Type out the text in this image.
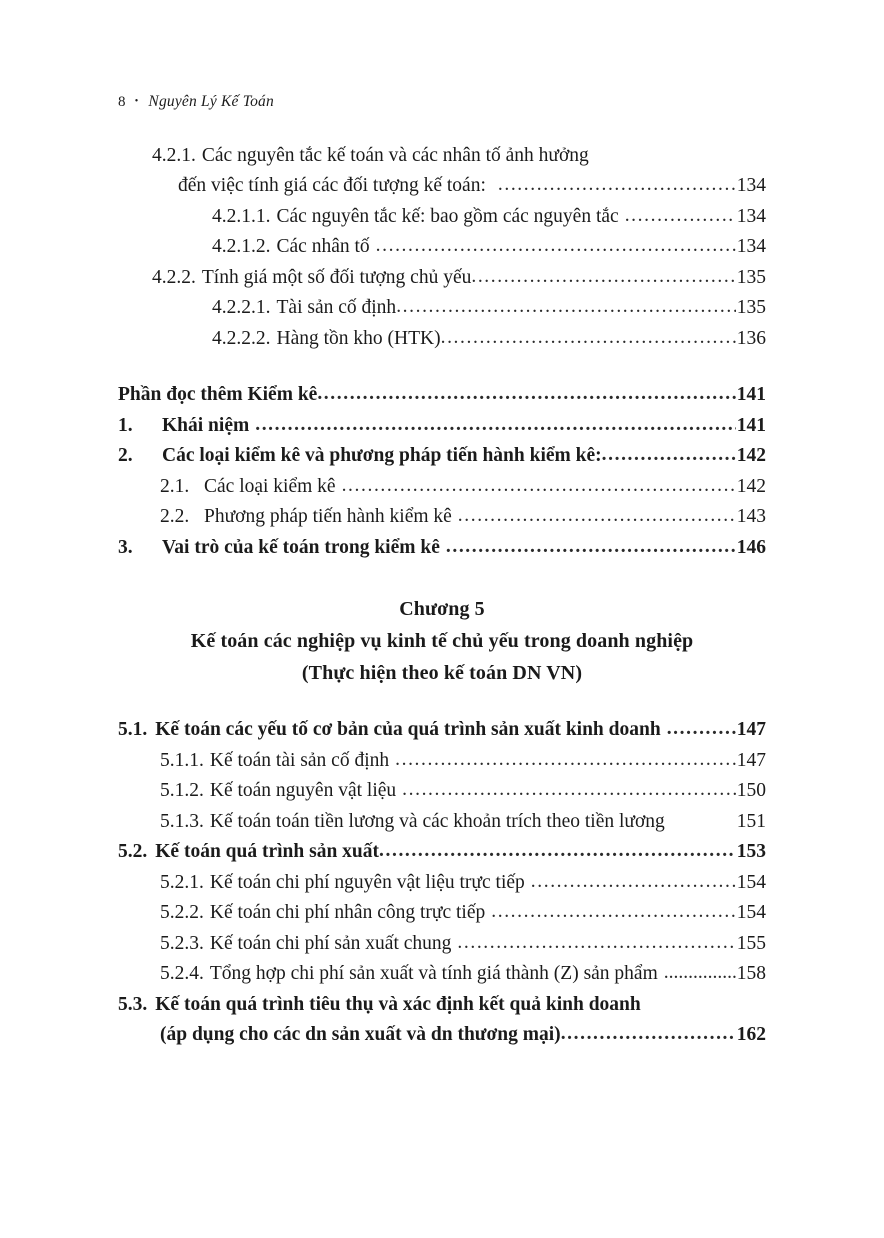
8 • Nguyên Lý Kế Toán
4.2.1. Các nguyên tắc kế toán và các nhân tố ảnh hưởng
đến việc tính giá các đối tượng kế toán: .....	134
4.2.1.1. Các nguyên tắc kế: bao gồm các nguyên tắc .....	134
4.2.1.2. Các nhân tố .....	134
4.2.2. Tính giá một số đối tượng chủ yếu .....	135
4.2.2.1. Tài sản cố định .....	135
4.2.2.2. Hàng tồn kho (HTK) .....	136
Phần đọc thêm Kiểm kê .....	141
1.	Khái niệm .....	141
2.	Các loại kiểm kê và phương pháp tiến hành kiểm kê: .....	142
2.1. Các loại kiểm kê .....	142
2.2. Phương pháp tiến hành kiểm kê .....	143
3.	Vai trò của kế toán trong kiểm kê .....	146
Chương 5
Kế toán các nghiệp vụ kinh tế chủ yếu trong doanh nghiệp
(Thực hiện theo kế toán DN VN)
5.1. Kế toán các yếu tố cơ bản của quá trình sản xuất kinh doanh .....	147
5.1.1. Kế toán tài sản cố định .....	147
5.1.2. Kế toán nguyên vật liệu .....	150
5.1.3. Kế toán toán tiền lương và các khoản trích theo tiền lương	151
5.2. Kế toán quá trình sản xuất .....	153
5.2.1. Kế toán chi phí nguyên vật liệu trực tiếp .....	154
5.2.2. Kế toán chi phí nhân công trực tiếp .....	154
5.2.3. Kế toán chi phí sản xuất chung .....	155
5.2.4. Tổng hợp chi phí sản xuất và tính giá thành (Z) sản phẩm .....	158
5.3. Kế toán quá trình tiêu thụ và xác định kết quả kinh doanh
(áp dụng cho các dn sản xuất và dn thương mại) .....	162
